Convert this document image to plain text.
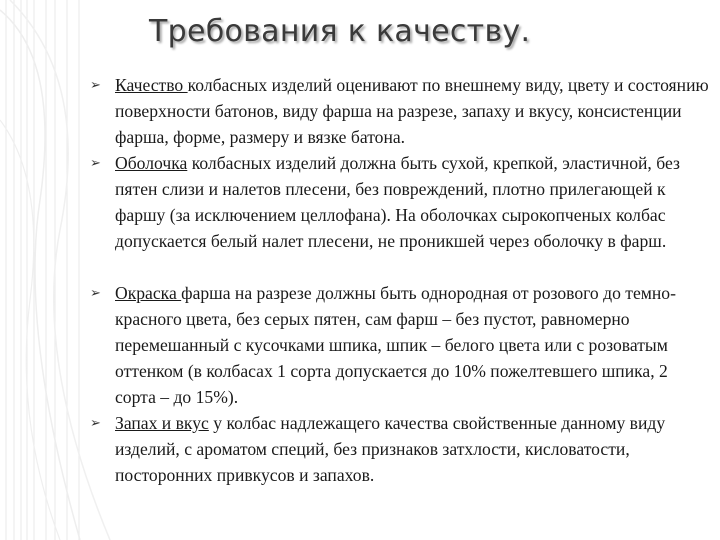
Требования к качеству.
➢ Качество колбасных изделий оценивают по внешнему виду, цвету и состоянию поверхности батонов, виду фарша на разрезе, запаху и вкусу, консистенции фарша, форме, размеру и вязке батона.
➢ Оболочка колбасных изделий должна быть сухой, крепкой, эластичной, без пятен слизи и налетов плесени, без повреждений, плотно прилегающей к фаршу (за исключением целлофана). На оболочках сырокопченых колбас допускается белый налет плесени, не проникшей через оболочку в фарш.
➢ Окраска фарша на разрезе должны быть однородная от розового до темно-красного цвета, без серых пятен, сам фарш – без пустот, равномерно перемешанный с кусочками шпика, шпик – белого цвета или с розоватым оттенком (в колбасах 1 сорта допускается до 10% пожелтевшего шпика, 2 сорта – до 15%).
➢ Запах и вкус у колбас надлежащего качества свойственные данному виду изделий, с ароматом специй, без признаков затхлости, кисловатости, посторонних привкусов и запахов.
